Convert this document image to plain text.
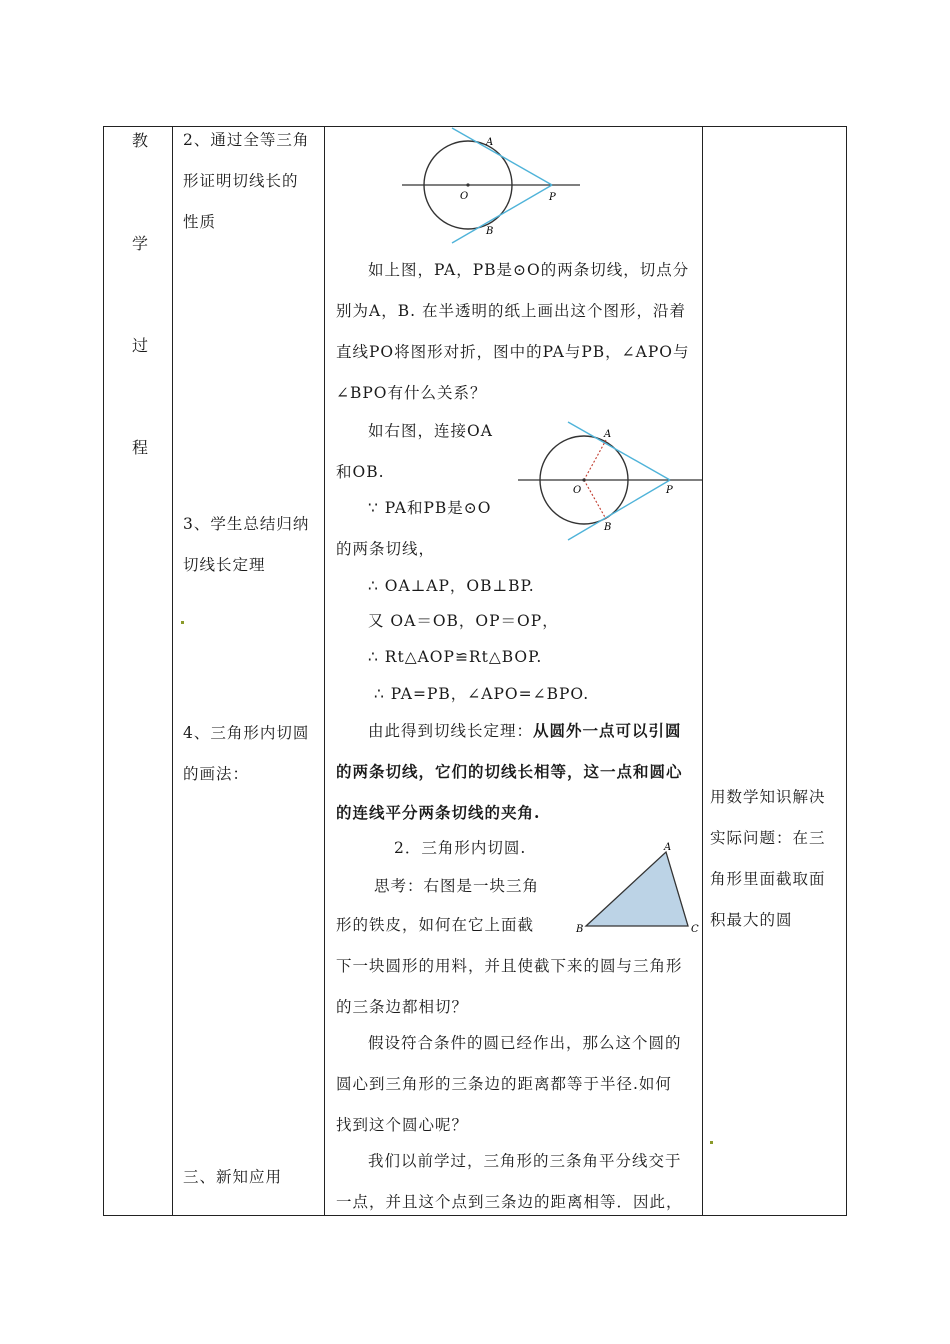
教
学
过
程
2、通过全等三角
形证明切线长的
性质
3、学生总结归纳
切线长定理
4、三角形内切圆
的画法：
三、新知应用
A
O	P
B
如上图，PA，PB是⊙O的两条切线，切点分
别为A，B. 在半透明的纸上画出这个图形，沿着
直线PO将图形对折，图中的PA与PB，∠APO与
∠BPO有什么关系？
A
O	P
B
如右图，连接OA
和OB.
∵ PA和PB是⊙O
的两条切线，
∴ OA⊥AP，OB⊥BP.
又 OA＝OB，OP＝OP，
∴ Rt△AOP≌Rt△BOP.
∴ PA=PB，∠APO=∠BPO.
由此得到切线长定理：从圆外一点可以引圆
的两条切线，它们的切线长相等，这一点和圆心
的连线平分两条切线的夹角.
2．三角形内切圆.
B
A
C
思考：右图是一块三角
形的铁皮，如何在它上面截
下一块圆形的用料，并且使截下来的圆与三角形
的三条边都相切？
假设符合条件的圆已经作出，那么这个圆的
圆心到三角形的三条边的距离都等于半径.如何
找到这个圆心呢？
我们以前学过，三角形的三条角平分线交于
一点，并且这个点到三条边的距离相等．因此，
用数学知识解决
实际问题：在三
角形里面截取面
积最大的圆
